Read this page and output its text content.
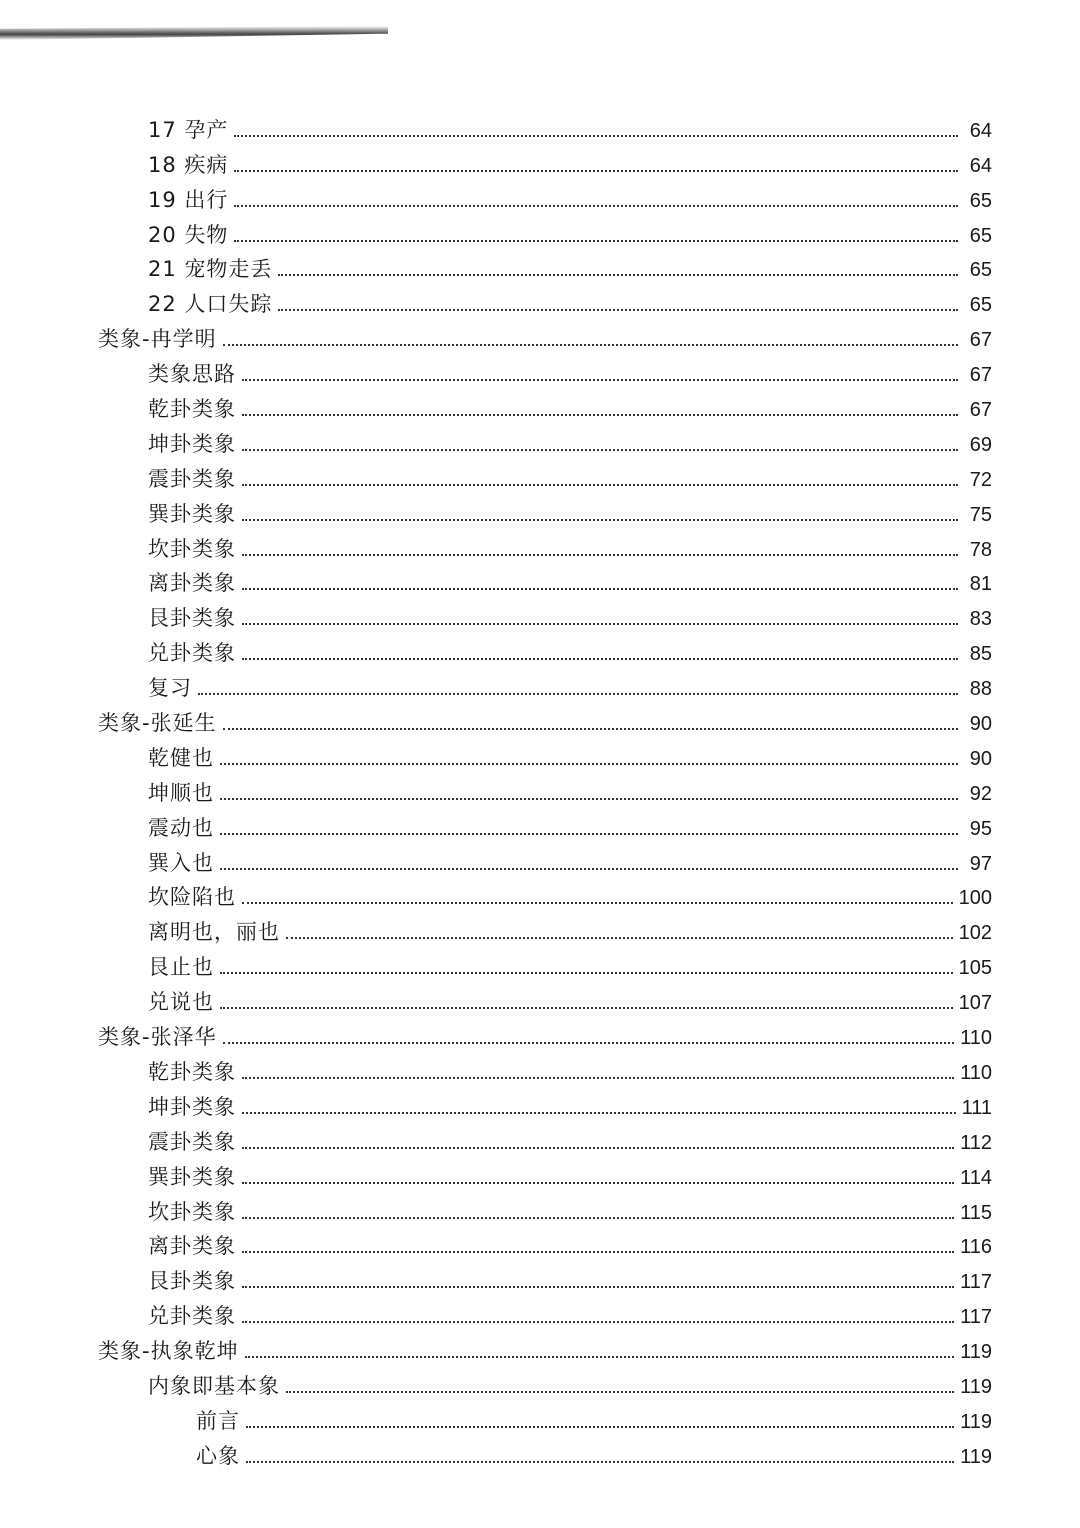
17 孕产	64
18 疾病	64
19 出行	65
20 失物	65
21 宠物走丢	65
22 人口失踪	65
类象-冉学明	67
类象思路	67
乾卦类象	67
坤卦类象	69
震卦类象	72
巽卦类象	75
坎卦类象	78
离卦类象	81
艮卦类象	83
兑卦类象	85
复习	88
类象-张延生	90
乾健也	90
坤顺也	92
震动也	95
巽入也	97
坎险陷也	100
离明也，丽也	102
艮止也	105
兑说也	107
类象-张泽华	110
乾卦类象	110
坤卦类象	111
震卦类象	112
巽卦类象	114
坎卦类象	115
离卦类象	116
艮卦类象	117
兑卦类象	117
类象-执象乾坤	119
内象即基本象	119
前言	119
心象	119
